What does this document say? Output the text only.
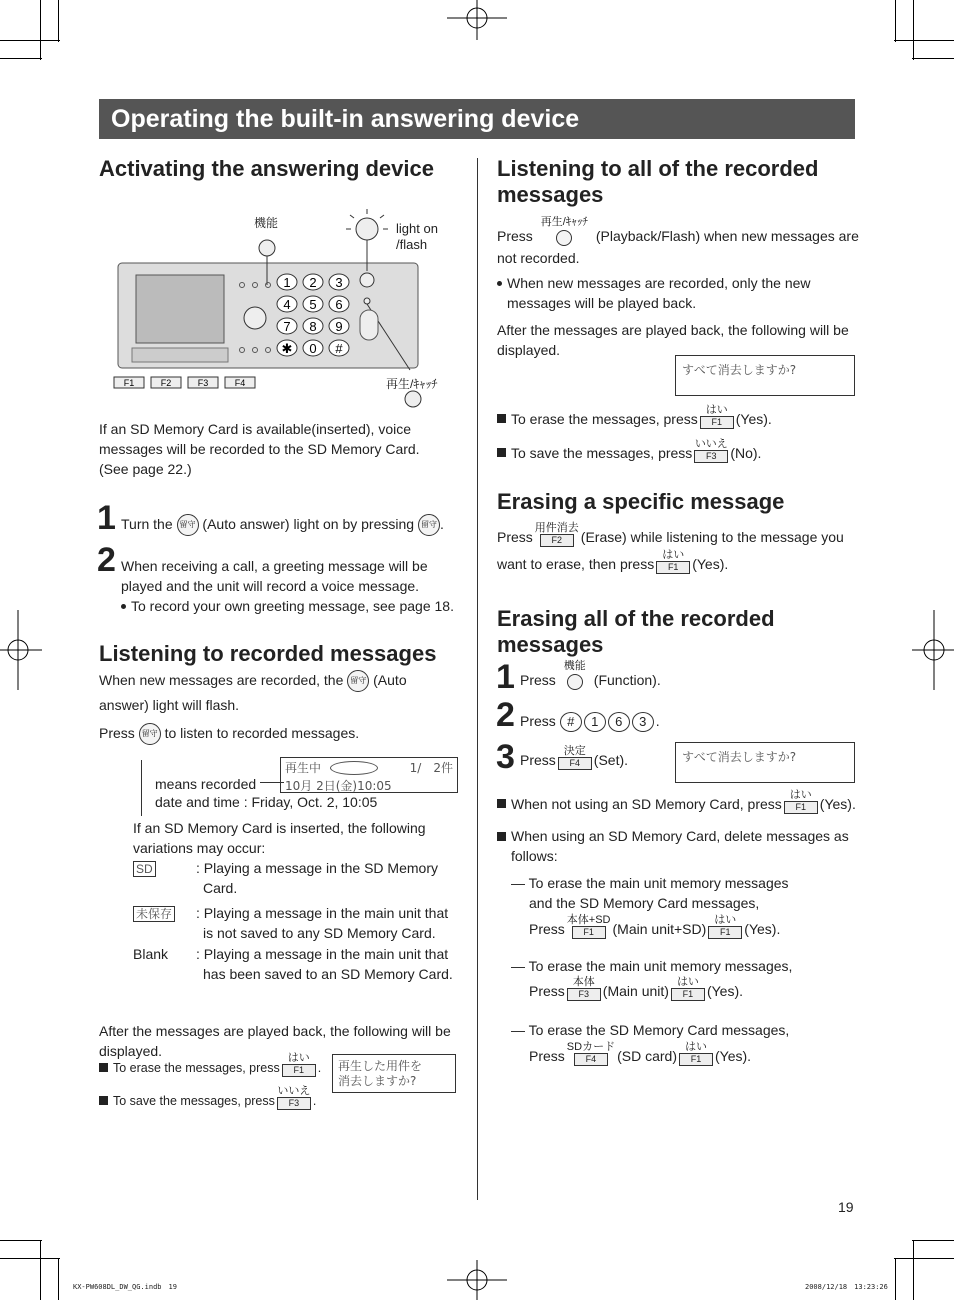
Operating the built-in answering device
Activating the answering device
1 2 3
4 5 6
7 8 9
✱ 0 #
F1	F2	F3	F4
機能	light on
/flash
再生/ｷｬｯﾁ
If an SD Memory Card is available(inserted), voice
messages will be recorded to the SD Memory Card.
(See page 22.)
1 Turn the 留守 (Auto answer) light on by pressing 留守 .
2 When receiving a call, a greeting message will be
played and the unit will record a voice message.
To record your own greeting message, see page 18.
Listening to recorded messages
When new messages are recorded, the 留守 (Auto
answer) light will flash.
Press 留守 to listen to recorded messages.
再生中	1/　2件
10月 2日(金)10:05
means recorded
date and time : Friday, Oct. 2, 10:05
If an SD Memory Card is inserted, the following
variations may occur:
SD	: Playing a message in the SD Memory
Card.
未保存 : Playing a message in the main unit that
is not saved to any SD Memory Card.
Blank : Playing a message in the main unit that
has been saved to an SD Memory Card.
After the messages are played back, the following will be
displayed.
To erase the messages, press
はい
F1	.
To save the messages, press
いいえ
F3	.
再生した用件を
消去しますか?
Listening to all of the recorded
messages
Press
再生/ｷｬｯﾁ
(Playback/Flash) when new messages are
not recorded.
When new messages are recorded, only the new
messages will be played back.
After the messages are played back, the following will be
displayed.
すべて消去しますか?
To erase the messages, press
はい
F1 (Yes).
To save the messages, press
いいえ
F3 (No).
Erasing a specific message
Press
用件消去
F2	(Erase) while listening to the message you
want to erase, then press
はい
F1 (Yes).
Erasing all of the recorded
messages
1 Press
機能
(Function).
2 Press # 1 6 3 .
3 Press
決定
F4 (Set).	すべて消去しますか?
When not using an SD Memory Card, press
はい
F1 (Yes).
When using an SD Memory Card, delete messages as
follows:
— To erase the main unit memory messages
and the SD Memory Card messages,
Press
本体+SD
F1	(Main unit+SD)
はい
F1 (Yes).
— To erase the main unit memory messages,
Press
本体
F3 (Main unit)
はい
F1 (Yes).
— To erase the SD Memory Card messages,
Press
SDカード
F4	(SD card)
はい
F1 (Yes).
19
KX-PW608DL_DW_QG.indb　19	2008/12/18　13:23:26
